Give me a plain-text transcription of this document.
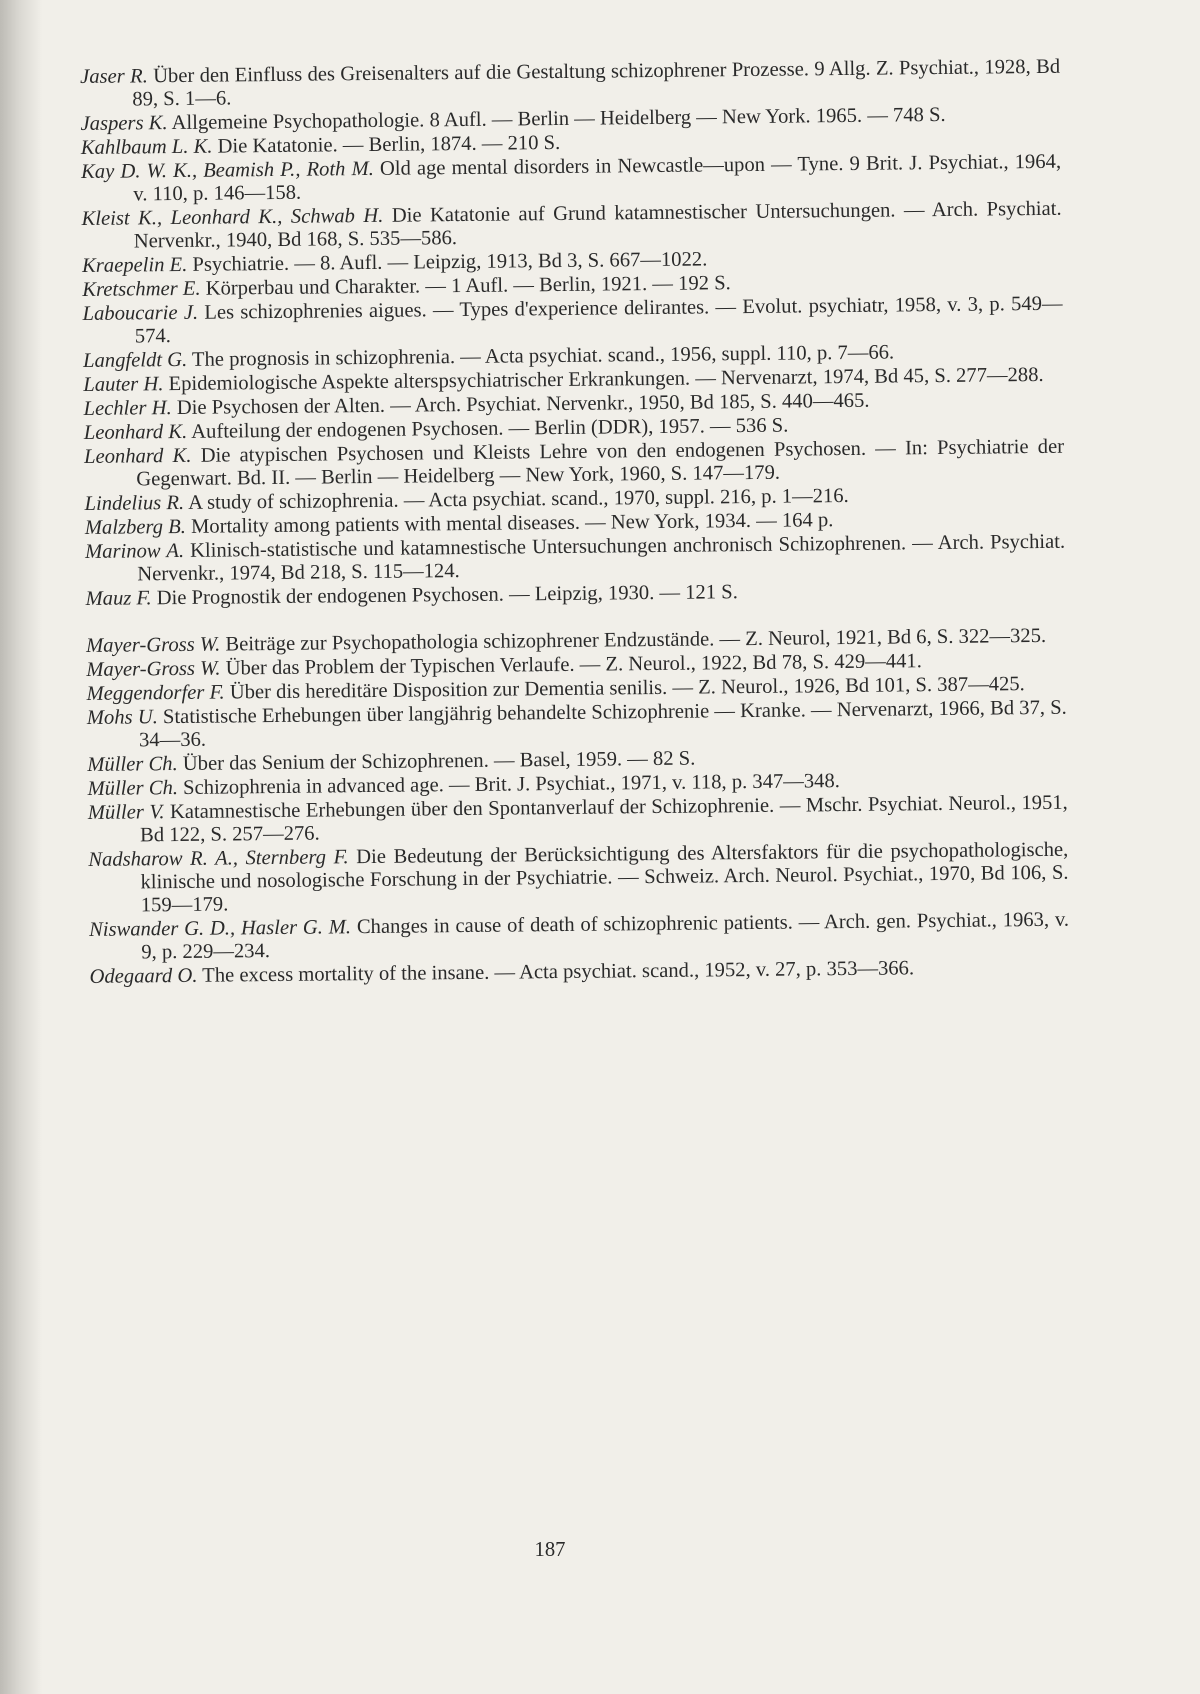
Jaser R. Über den Einfluss des Greisenalters auf die Gestaltung schizophrener Prozesse. 9 Allg. Z. Psychiat., 1928, Bd 89, S. 1—6.
Jaspers K. Allgemeine Psychopathologie. 8 Aufl. — Berlin — Heidelberg — New York. 1965. — 748 S.
Kahlbaum L. K. Die Katatonie. — Berlin, 1874. — 210 S.
Kay D. W. K., Beamish P., Roth M. Old age mental disorders in Newcastle—upon — Tyne. 9 Brit. J. Psychiat., 1964, v. 110, p. 146—158.
Kleist K., Leonhard K., Schwab H. Die Katatonie auf Grund katamnestischer Untersuchungen. — Arch. Psychiat. Nervenkr., 1940, Bd 168, S. 535—586.
Kraepelin E. Psychiatrie. — 8. Aufl. — Leipzig, 1913, Bd 3, S. 667—1022.
Kretschmer E. Körperbau und Charakter. — 1 Aufl. — Berlin, 1921. — 192 S.
Laboucarie J. Les schizophrenies aigues. — Types d'experience delirantes. — Evolut. psychiatr, 1958, v. 3, p. 549—574.
Langfeldt G. The prognosis in schizophrenia. — Acta psychiat. scand., 1956, suppl. 110, p. 7—66.
Lauter H. Epidemiologische Aspekte alterspsychiatrischer Erkrankungen. — Nervenarzt, 1974, Bd 45, S. 277—288.
Lechler H. Die Psychosen der Alten. — Arch. Psychiat. Nervenkr., 1950, Bd 185, S. 440—465.
Leonhard K. Aufteilung der endogenen Psychosen. — Berlin (DDR), 1957. — 536 S.
Leonhard K. Die atypischen Psychosen und Kleists Lehre von den endogenen Psychosen. — In: Psychiatrie der Gegenwart. Bd. II. — Berlin — Heidelberg — New York, 1960, S. 147—179.
Lindelius R. A study of schizophrenia. — Acta psychiat. scand., 1970, suppl. 216, p. 1—216.
Malzberg B. Mortality among patients with mental diseases. — New York, 1934. — 164 p.
Marinow A. Klinisch-statistische und katamnestische Untersuchungen anchronisch Schizophrenen. — Arch. Psychiat. Nervenkr., 1974, Bd 218, S. 115—124.
Mauz F. Die Prognostik der endogenen Psychosen. — Leipzig, 1930. — 121 S.
Mayer-Gross W. Beiträge zur Psychopathologia schizophrener Endzustände. — Z. Neurol, 1921, Bd 6, S. 322—325.
Mayer-Gross W. Über das Problem der Typischen Verlaufe. — Z. Neurol., 1922, Bd 78, S. 429—441.
Meggendorfer F. Über dis hereditäre Disposition zur Dementia senilis. — Z. Neurol., 1926, Bd 101, S. 387—425.
Mohs U. Statistische Erhebungen über langjährig behandelte Schizophrenie — Kranke. — Nervenarzt, 1966, Bd 37, S. 34—36.
Müller Ch. Über das Senium der Schizophrenen. — Basel, 1959. — 82 S.
Müller Ch. Schizophrenia in advanced age. — Brit. J. Psychiat., 1971, v. 118, p. 347—348.
Müller V. Katamnestische Erhebungen über den Spontanverlauf der Schizophrenie. — Mschr. Psychiat. Neurol., 1951, Bd 122, S. 257—276.
Nadsharow R. A., Sternberg F. Die Bedeutung der Berücksichtigung des Altersfaktors für die psychopathologische, klinische und nosologische Forschung in der Psychiatrie. — Schweiz. Arch. Neurol. Psychiat., 1970, Bd 106, S. 159—179.
Niswander G. D., Hasler G. M. Changes in cause of death of schizophrenic patients. — Arch. gen. Psychiat., 1963, v. 9, p. 229—234.
Odegaard O. The excess mortality of the insane. — Acta psychiat. scand., 1952, v. 27, p. 353—366.
187
